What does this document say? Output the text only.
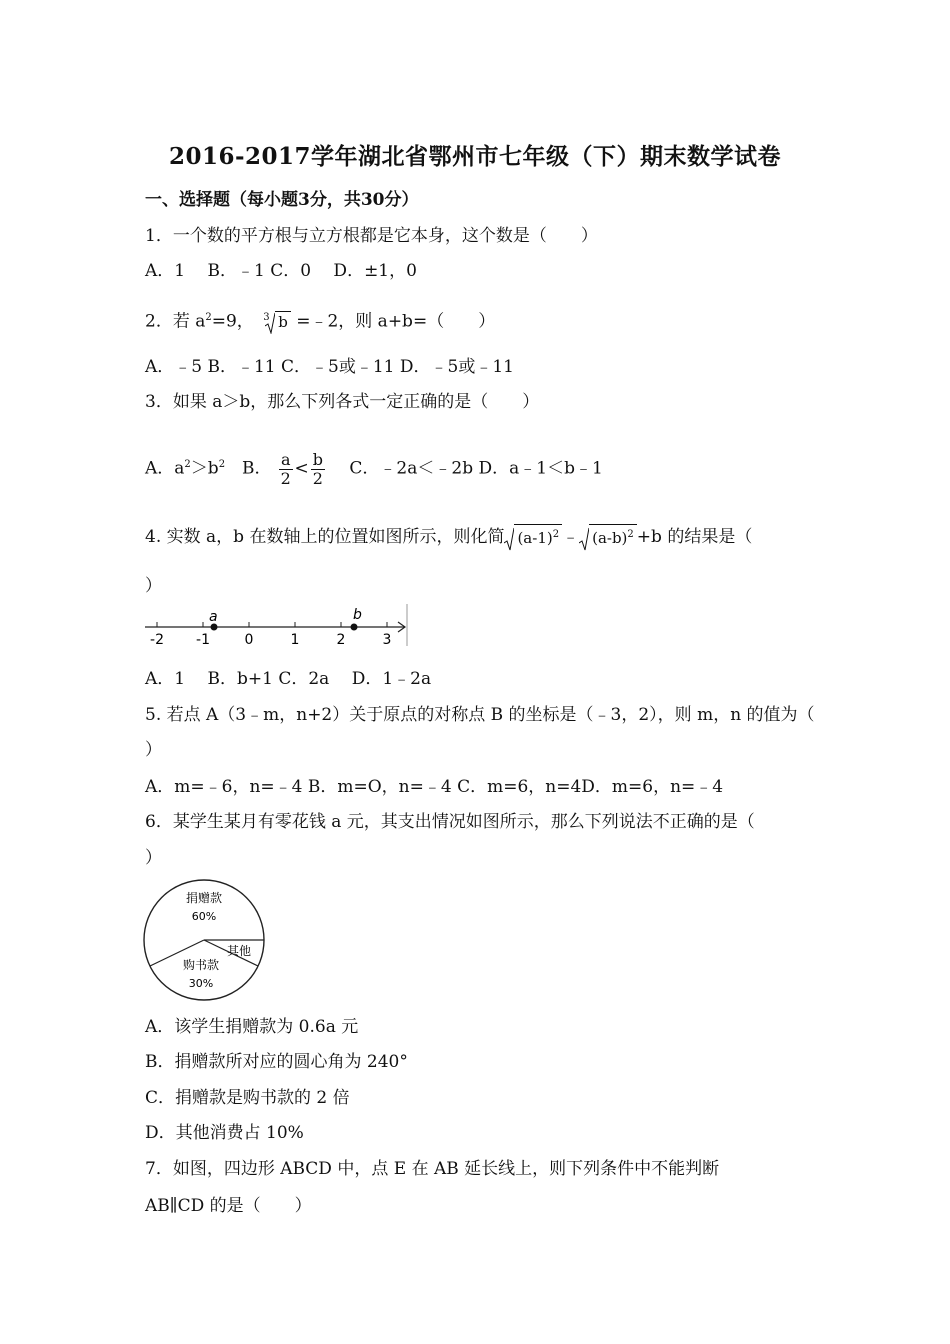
2016-2017学年湖北省鄂州市七年级（下）期末数学试卷
一、选择题（每小题3分，共30分）
1．一个数的平方根与立方根都是它本身，这个数是（　　）
A．1　 B．﹣1 C．0　 D．±1，0
2．若 $a^2=9$， 3 b =﹣2，则 a+b=（　　）
A．﹣5 B．﹣11 C．﹣5或﹣11 D．﹣5或﹣11
3．如果 a＞b，那么下列各式一定正确的是（　　）
A．$a^2>b^2$　B． $\frac{a}{2} < \frac{b}{2}$ 　C．﹣2a＜﹣2b D．a﹣1＜b﹣1
4. 实数 a，b 在数轴上的位置如图所示，则化简 $(a-1)^2$ ﹣ $(a-b)^2 +b$ 的结果是（
）
-2 -1 0	1	2	3
a	b
A．1　 B．b+1 C．2a　 D．1﹣2a
5. 若点 A（3﹣m，n+2）关于原点的对称点 B 的坐标是（﹣3，2），则 m，n 的值为（
）
A．m=﹣6，n=﹣4 B．m=O，n=﹣4 C．m=6，n=4D．m=6，n=﹣4
6．某学生某月有零花钱 a 元，其支出情况如图所示，那么下列说法不正确的是（
）
捐赠款
60%
其他
购书款
30%
A．该学生捐赠款为 0.6a 元
B．捐赠款所对应的圆心角为 240°
C．捐赠款是购书款的 2 倍
D．其他消费占 10%
7．如图，四边形 ABCD 中，点 E 在 AB 延长线上，则下列条件中不能判断
AB∥CD 的是（　　）
